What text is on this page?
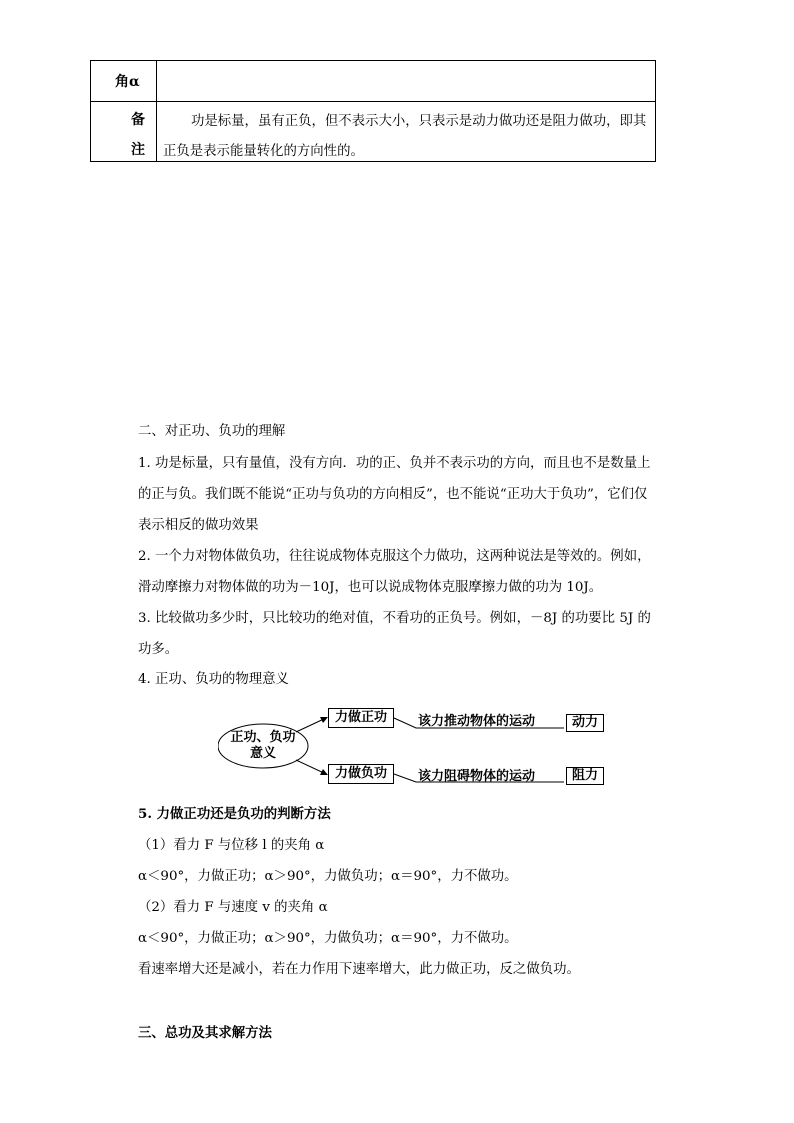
角α
备
注
功是标量，虽有正负，但不表示大小，只表示是动力做功还是阻力做功，即其正负是表示能量转化的方向性的。
二、对正功、负功的理解
1. 功是标量，只有量值，没有方向．功的正、负并不表示功的方向，而且也不是数量上的正与负。我们既不能说“正功与负功的方向相反”，也不能说“正功大于负功”，它们仅表示相反的做功效果
2. 一个力对物体做负功，往往说成物体克服这个力做功，这两种说法是等效的。例如，滑动摩擦力对物体做的功为－10J，也可以说成物体克服摩擦力做的功为 10J。
3. 比较做功多少时，只比较功的绝对值，不看功的正负号。例如，－8J 的功要比 5J 的功多。
4. 正功、负功的物理意义
正功、负功
意义
力做正功
力做负功
该力推动物体的运动
该力阻碍物体的运动
动力
阻力
5. 力做正功还是负功的判断方法
（1）看力 F 与位移 l 的夹角 α
α＜90°，力做正功；α＞90°，力做负功；α＝90°，力不做功。
（2）看力 F 与速度 v 的夹角 α
α＜90°，力做正功；α＞90°，力做负功；α＝90°，力不做功。
看速率增大还是减小，若在力作用下速率增大，此力做正功，反之做负功。
三、总功及其求解方法
